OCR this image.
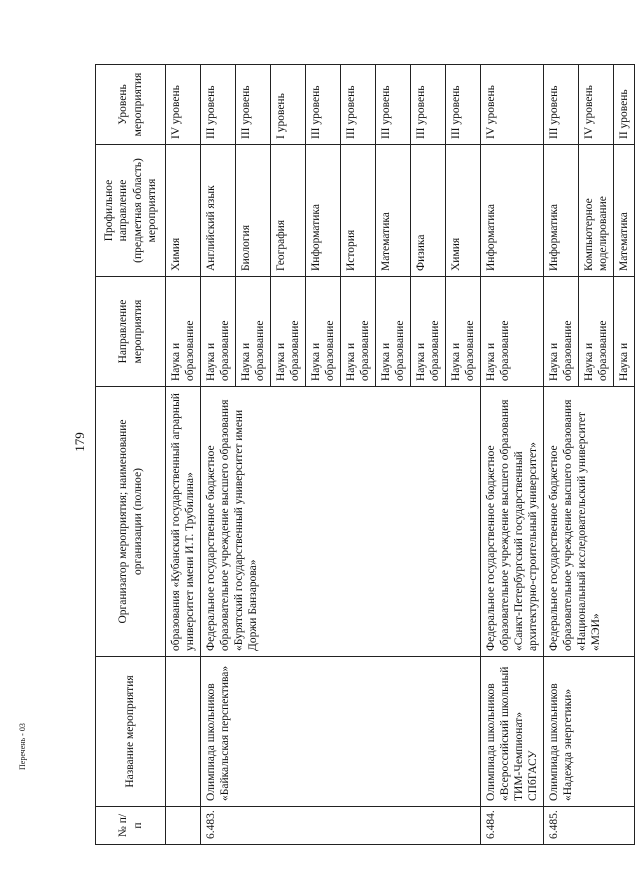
179
Перечень - 03
№ п/п	Название мероприятия	Организатор мероприятия; наименование организации (полное)	Направление мероприятия	Профильное направление (предметная область) мероприятия	Уровень мероприятия
		образования «Кубанский государственный аграрный университет имени И.Т. Трубилина»	Наука и образование	Химия	IV уровень
6.483.	Олимпиада школьников «Байкальская перспектива»	Федеральное государственное бюджетное образовательное учреждение высшего образования «Бурятский государственный университет имени Доржи Банзарова»	Наука и образование	Английский язык	III уровень
			Наука и образование	Биология	III уровень
			Наука и образование	География	I уровень
			Наука и образование	Информатика	III уровень
			Наука и образование	История	III уровень
			Наука и образование	Математика	III уровень
			Наука и образование	Физика	III уровень
			Наука и образование	Химия	III уровень
6.484.	Олимпиада школьников «Всероссийский школьный ТИМ-Чемпионат» СПбГАСУ	Федеральное государственное бюджетное образовательное учреждение высшего образования «Санкт-Петербургский государственный архитектурно-строительный университет»	Наука и образование	Информатика	IV уровень
6.485.	Олимпиада школьников «Надежда энергетики»	Федеральное государственное бюджетное образовательное учреждение высшего образования «Национальный исследовательский университет «МЭИ»	Наука и образование	Информатика	III уровень
			Наука и образование	Компьютерное моделирование	IV уровень
			Наука и	Математика	II уровень
